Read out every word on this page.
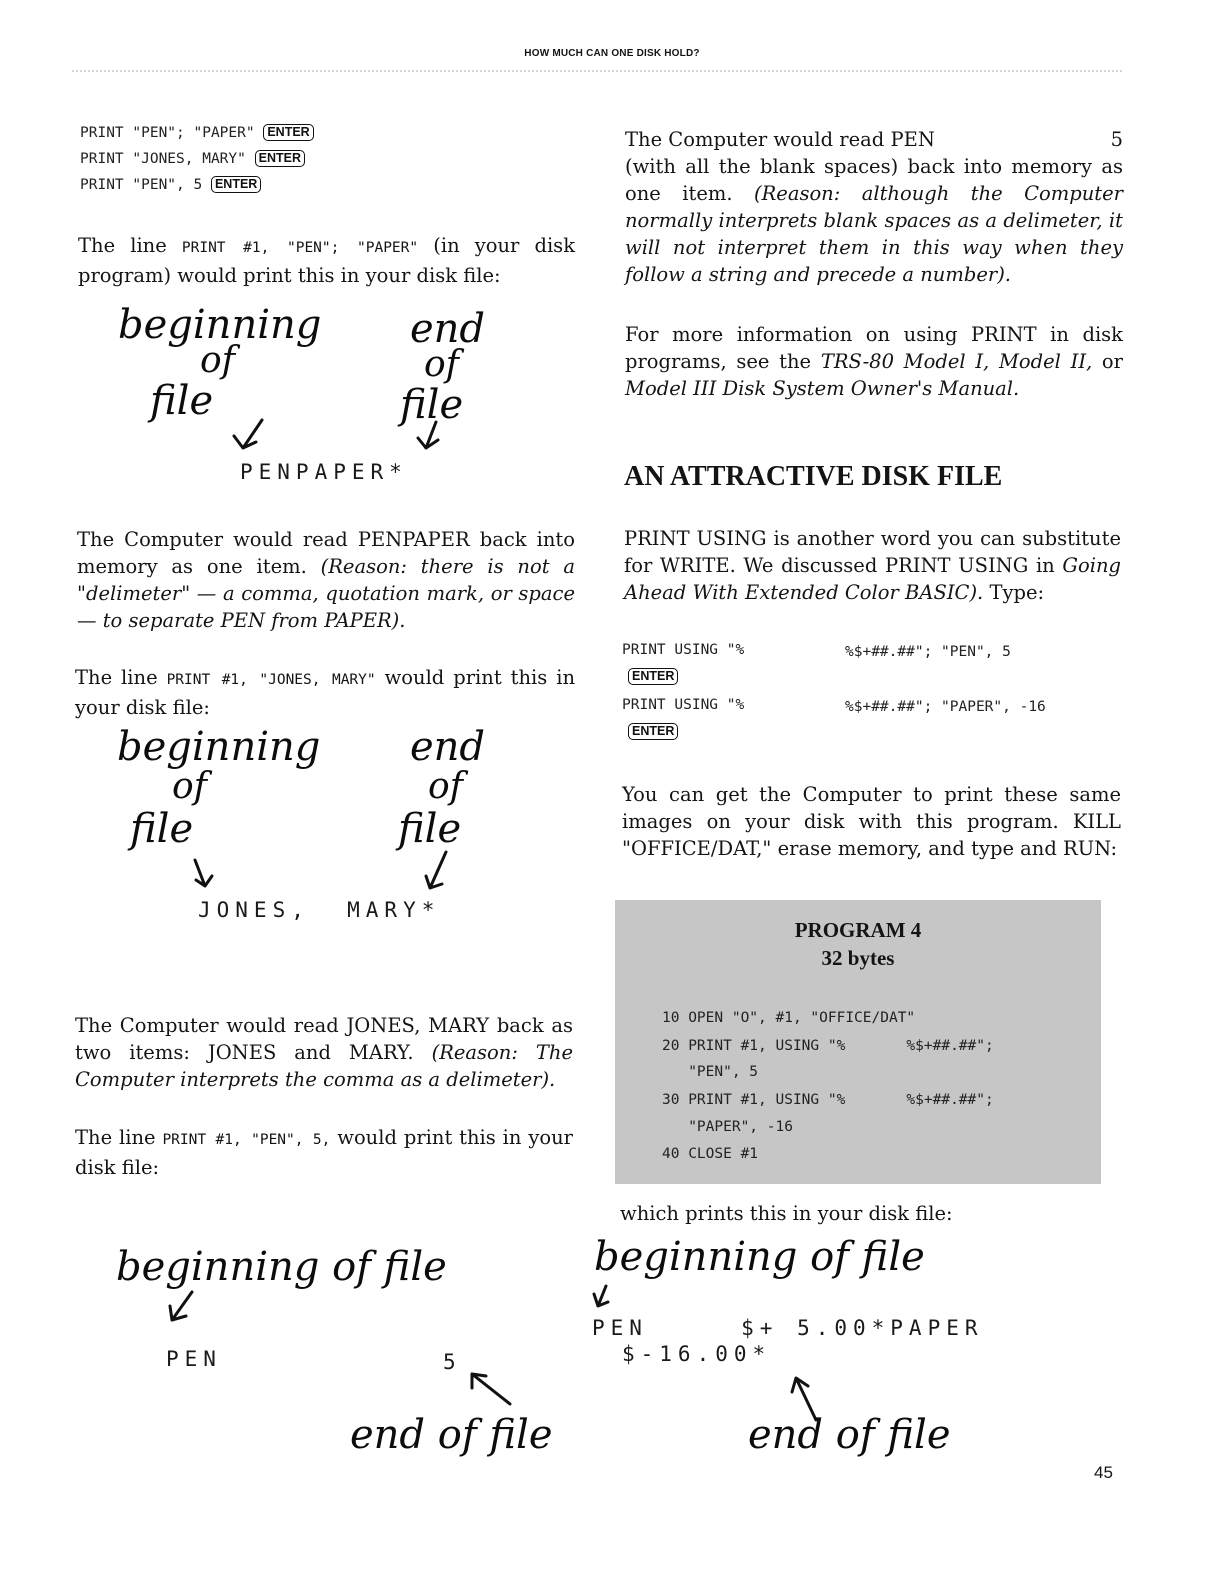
HOW MUCH CAN ONE DISK HOLD?
PRINT "PEN"; "PAPER" ENTER
PRINT "JONES, MARY" ENTER
PRINT "PEN", 5 ENTER
The line PRINT #1, "PEN"; "PAPER" (in your disk program) would print this in your disk file:
beginning
of
file
end
of
file
PENPAPER*
The Computer would read PENPAPER back into memory as one item. (Reason: there is not a "delimeter" — a comma, quotation mark, or space — to separate PEN from PAPER).
The line PRINT #1, "JONES, MARY" would print this in your disk file:
beginning
of
file
end
of
file
JONES,  MARY*
The Computer would read JONES, MARY back as two items: JONES and MARY. (Reason: The Computer interprets the comma as a delimeter).
The line PRINT #1, "PEN", 5, would print this in your disk file:
beginning of file
PEN	5
end of file
The Computer would read PEN	5

(with all the blank spaces) back into memory as one item. (Reason: although the Computer normally interprets blank spaces as a delimeter, it will not interpret them in this way when they follow a string and precede a number).
For more information on using PRINT in disk programs, see the TRS-80 Model I, Model II, or Model III Disk System Owner's Manual.
AN ATTRACTIVE DISK FILE
PRINT USING is another word you can substitute for WRITE. We discussed PRINT USING in Going Ahead With Extended Color BASIC). Type:
PRINT USING "%	%$+##.##"; "PEN", 5
ENTER
PRINT USING "%	%$+##.##"; "PAPER", -16
ENTER
You can get the Computer to print these same images on your disk with this program. KILL "OFFICE/DAT," erase memory, and type and RUN:
PROGRAM 4
32 bytes
10 OPEN "O", #1, "OFFICE/DAT"
20 PRINT #1, USING "%       %$+##.##";
"PEN", 5
30 PRINT #1, USING "%       %$+##.##";
"PAPER", -16
40 CLOSE #1
which prints this in your disk file:
beginning of file
PEN     $+ 5.00*PAPER
$-16.00*
end of file
45
